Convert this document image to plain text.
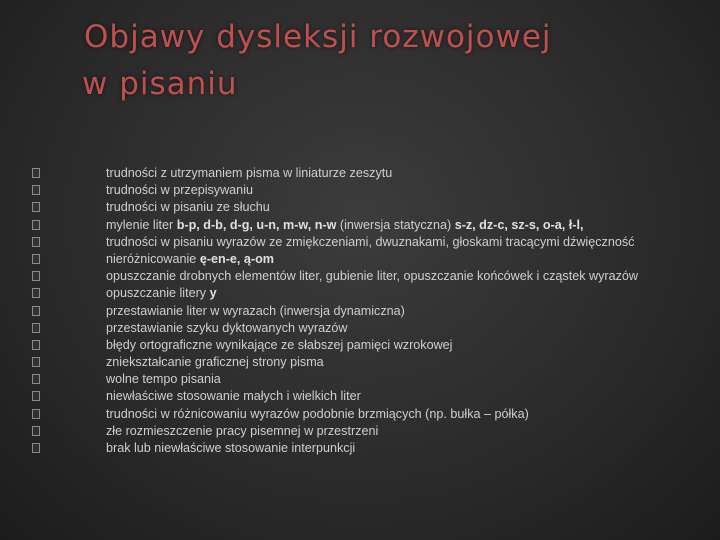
Objawy dysleksji rozwojowej
w pisaniu
trudności z utrzymaniem pisma w liniaturze zeszytu
trudności w przepisywaniu
trudności w pisaniu ze słuchu
mylenie liter b-p, d-b, d-g, u-n, m-w, n-w (inwersja statyczna) s-z, dz-c, sz-s, o-a, ł-l,
trudności w pisaniu wyrazów ze zmiękczeniami, dwuznakami, głoskami tracącymi dźwięczność
nieróżnicowanie ę-en-e, ą-om
opuszczanie drobnych elementów liter, gubienie liter, opuszczanie końcówek i cząstek wyrazów
opuszczanie litery y
przestawianie liter w wyrazach (inwersja dynamiczna)
przestawianie szyku dyktowanych wyrazów
błędy ortograficzne wynikające ze słabszej pamięci wzrokowej
zniekształcanie graficznej strony pisma
wolne tempo pisania
niewłaściwe stosowanie małych i wielkich liter
trudności w różnicowaniu wyrazów podobnie brzmiących (np. bułka – półka)
złe rozmieszczenie pracy pisemnej w przestrzeni
brak lub niewłaściwe stosowanie interpunkcji
